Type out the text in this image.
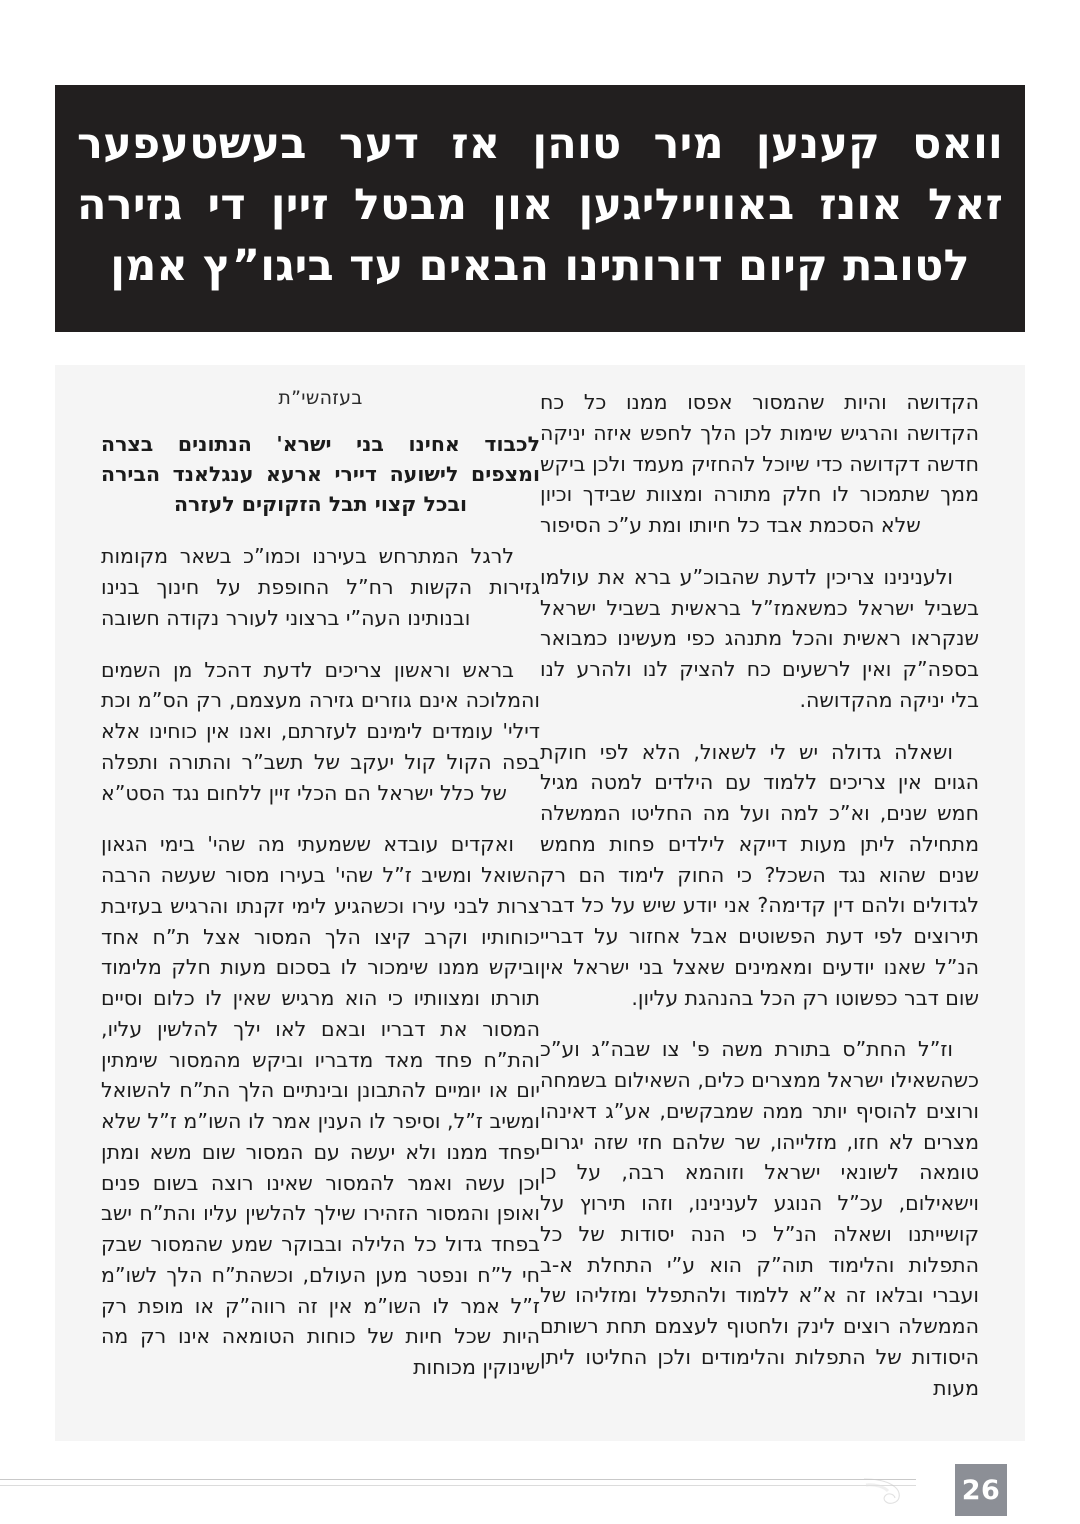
וואס קענען מיר טוהן אז דער בעשטעפער
זאל אונז באווייליגען און מבטל זיין די גזירה
לטובת קיום דורותינו הבאים עד ביגו”ץ אמן
בעזהשי”ת
לכבוד אחינו בני ישרא' הנתונים בצרה
ומצפים לישועה דיירי ארעא ענגלאנד הבירה
ובכל קצוי תבל הזקוקים לעזרה

לרגל המתרחש בעירנו וכמו”כ בשאר מקומות גזירות הקשות רח”ל החופפת על חינוך בנינו ובנותינו העה”י ברצוני לעורר נקודה חשובה

בראש וראשון צריכים לדעת דהכל מן השמים והמלוכה אינם גוזרים גזירה מעצמם, רק הס”מ וכת דילי' עומדים לימינם לעזרתם, ואנו אין כוחינו אלא בפה הקול קול יעקב של תשב”ר והתורה ותפלה של כלל ישראל הם הכלי זיין ללחום נגד הסט”א

ואקדים עובדא ששמעתי מה שהי' בימי הגאון השואל ומשיב ז”ל שהי' בעירו מסור שעשה הרבה צרות לבני עירו וכשהגיע לימי זקנתו והרגיש בעזיבת כוחותיו וקרב קיצו הלך המסור אצל ת”ח אחד וביקש ממנו שימכור לו בסכום מעות חלק מלימוד תורתו ומצוותיו כי הוא מרגיש שאין לו כלום וסיים המסור את דבריו ובאם לאו ילך להלשין עליו, והת”ח פחד מאד מדבריו וביקש מהמסור שימתין יום או יומיים להתבונן ובינתיים הלך הת”ח להשואל ומשיב ז”ל, וסיפר לו הענין אמר לו השו”מ ז”ל שלא יפחד ממנו ולא יעשה עם המסור שום משא ומתן וכן עשה ואמר להמסור שאינו רוצה בשום פנים ואופן והמסור הזהירו שילך להלשין עליו והת”ח ישב בפחד גדול כל הלילה ובבוקר שמע שהמסור שבק חי ל”ח ונפטר מען העולם, וכשהת”ח הלך לשו”מ ז”ל אמר לו השו”מ אין זה רווה”ק או מופת רק היות שכל חיות של כוחות הטומאה אינו רק מה שינוקין מכוחות

הקדושה והיות שהמסור אפסו ממנו כל כח הקדושה והרגיש שימות לכן הלך לחפש איזה יניקה חדשה דקדושה כדי שיוכל להחזיק מעמד ולכן ביקש ממך שתמכור לו חלק מתורה ומצוות שבידך וכיון שלא הסכמת אבד כל חיותו ומת ע”כ הסיפור

ולענינינו צריכין לדעת שהבוכ”ע ברא את עולמו בשביל ישראל כמשאמז”ל בראשית בשביל ישראל שנקראו ראשית והכל מתנהג כפי מעשינו כמבואר בספה”ק ואין לרשעים כח להציק לנו ולהרע לנו בלי יניקה מהקדושה.

ושאלה גדולה יש לי לשאול, הלא לפי חוקת הגוים אין צריכים ללמוד עם הילדים למטה מגיל חמש שנים, וא”כ למה ועל מה החליטו הממשלה מתחילה ליתן מעות דייקא לילדים פחות מחמש שנים שהוא נגד השכל? כי החוק לימוד הם רק לגדולים ולהם דין קדימה? אני יודע שיש על כל דבר תירוצים לפי דעת הפשוטים אבל אחזור על דבריי הנ”ל שאנו יודעים ומאמינים שאצל בני ישראל אין שום דבר כפשוטו רק הכל בהנהגת עליון.

וז”ל החת”ס בתורת משה פ' צו שבה”ג וע”כ כשהשאילו ישראל ממצרים כלים, השאילום בשמחה ורוצים להוסיף יותר ממה שמבקשים, אע”ג דאינהו מצרים לא חזו, מזלייהו, שר שלהם חזי שזה יגרום טומאה לשונאי ישראל וזוהמא רבה, על כן וישאילום, עכ”ל הנוגע לענינינו, וזהו תירוץ על קושייתנו ושאלה הנ”ל כי הנה יסודות של כל התפלות והלימוד תוה”ק הוא ע”י התחלת א-ב ועברי ובלאו זה א”א ללמוד ולהתפלל ומזליהו של הממשלה רוצים לינק ולחטוף לעצמם תחת רשותם היסודות של התפלות והלימודים ולכן החליטו ליתן מעות

26
